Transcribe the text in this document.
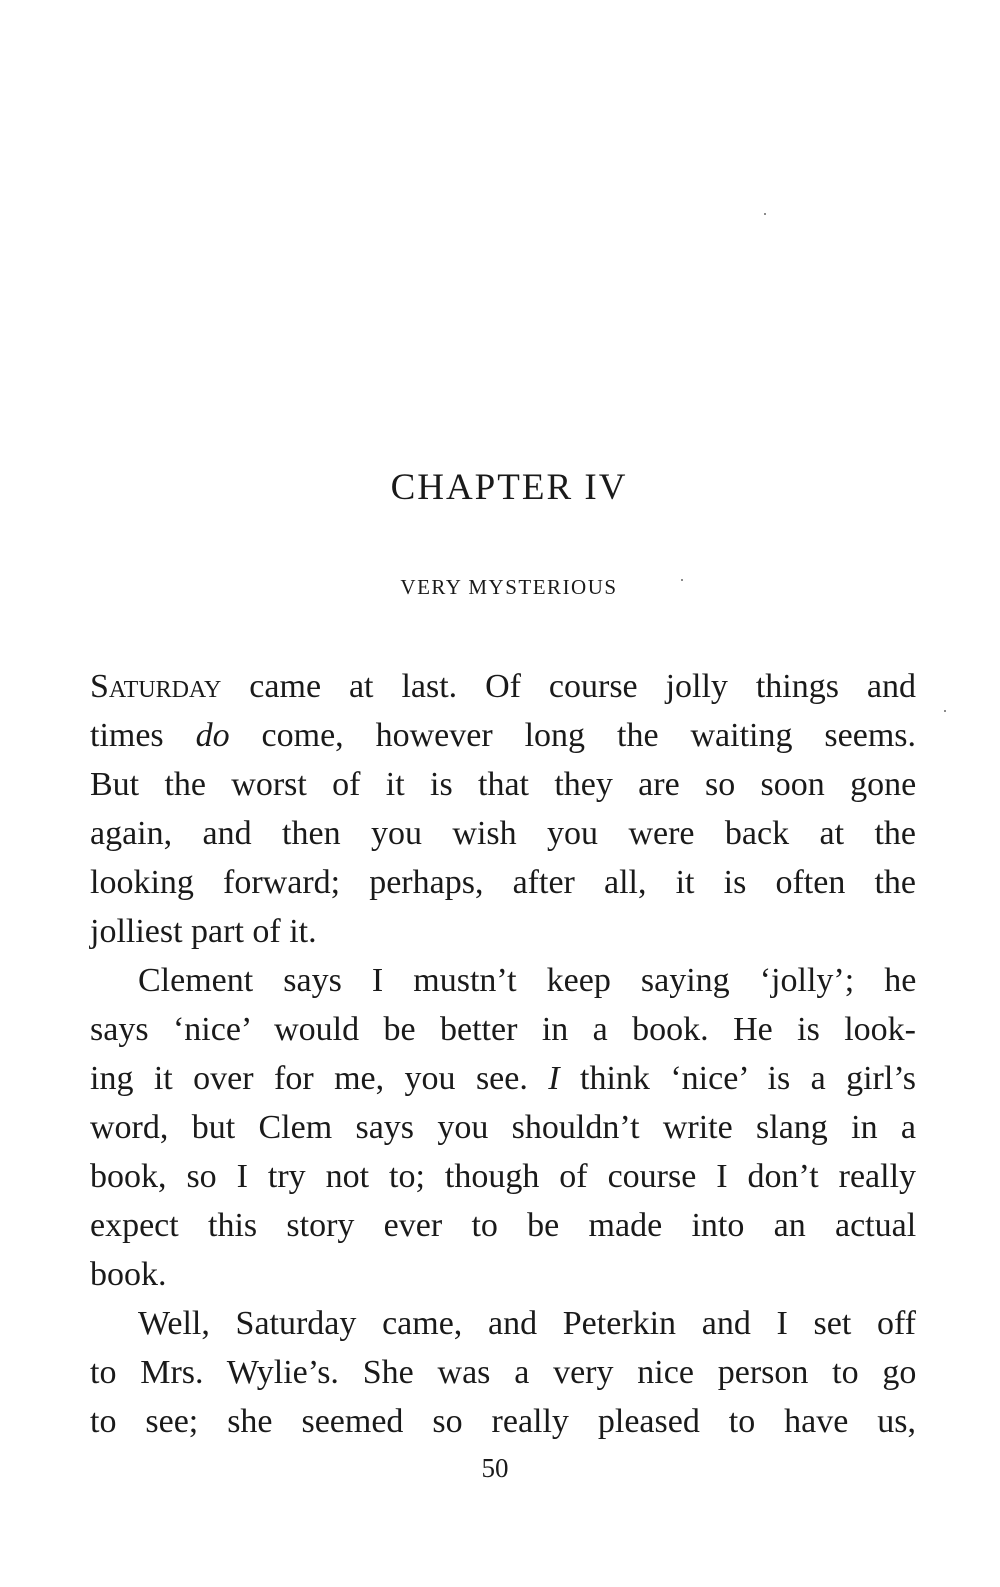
CHAPTER IV
VERY MYSTERIOUS

Saturday came at last. Of course jolly things and
times do come, however long the waiting seems.
But the worst of it is that they are so soon gone
again, and then you wish you were back at the
looking forward; perhaps, after all, it is often the
jolliest part of it.

Clement says I mustn’t keep saying ‘jolly’; he
says ‘nice’ would be better in a book. He is look-
ing it over for me, you see. I think ‘nice’ is a girl’s
word, but Clem says you shouldn’t write slang in a
book, so I try not to; though of course I don’t really
expect this story ever to be made into an actual
book.

Well, Saturday came, and Peterkin and I set off
to Mrs. Wylie’s. She was a very nice person to go
to see; she seemed so really pleased to have us,

50
